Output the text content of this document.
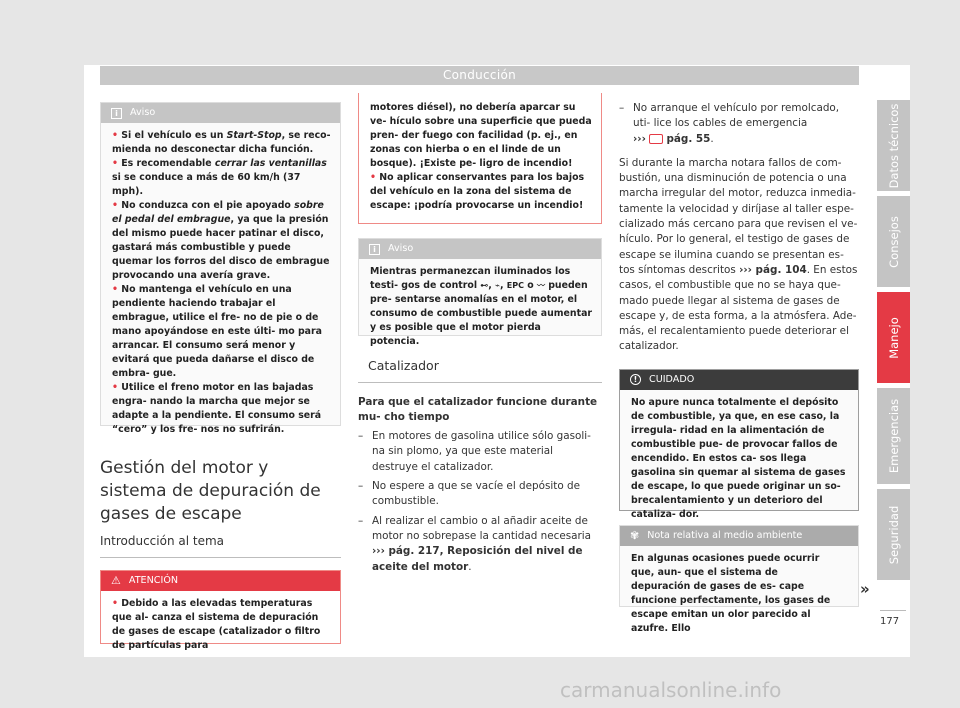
Conducción
i	Aviso
• Si el vehículo es un Start-Stop, se reco- mienda no desconectar dicha función.
• Es recomendable cerrar las ventanillas si se conduce a más de 60 km/h (37 mph).
• No conduzca con el pie apoyado sobre el pedal del embrague, ya que la presión del mismo puede hacer patinar el disco, gastará más combustible y puede quemar los forros del disco de embrague provocando una avería grave.
• No mantenga el vehículo en una pendiente haciendo trabajar el embrague, utilice el fre- no de pie o de mano apoyándose en este últi- mo para arrancar. El consumo será menor y evitará que pueda dañarse el disco de embra- gue.
• Utilice el freno motor en las bajadas engra- nando la marcha que mejor se adapte a la pendiente. El consumo será “cero” y los fre- nos no sufrirán.
Gestión del motor y sistema de depuración de gases de escape
Introducción al tema
⚠ ATENCIÓN
• Debido a las elevadas temperaturas que al- canza el sistema de depuración de gases de escape (catalizador o filtro de partículas para
motores diésel), no debería aparcar su ve- hículo sobre una superficie que pueda pren- der fuego con facilidad (p. ej., en zonas con hierba o en el linde de un bosque). ¡Existe pe- ligro de incendio!
• No aplicar conservantes para los bajos del vehículo en la zona del sistema de escape: ¡podría provocarse un incendio!
i	Aviso
Mientras permanezcan iluminados los testi- gos de control ⊷, ⌁, EPC o 〰 pueden pre- sentarse anomalías en el motor, el consumo de combustible puede aumentar y es posible que el motor pierda potencia.
Catalizador
Para que el catalizador funcione durante mu- cho tiempo
– En motores de gasolina utilice sólo gasoli- na sin plomo, ya que este material destruye el catalizador.
– No espere a que se vacíe el depósito de combustible.
– Al realizar el cambio o al añadir aceite de motor no sobrepase la cantidad necesaria ››› pág. 217, Reposición del nivel de aceite del motor.
– No arranque el vehículo por remolcado, uti- lice los cables de emergencia
››› pág. 55.
Si durante la marcha notara fallos de com- bustión, una disminución de potencia o una marcha irregular del motor, reduzca inmedia- tamente la velocidad y diríjase al taller espe- cializado más cercano para que revisen el ve- hículo. Por lo general, el testigo de gases de escape se ilumina cuando se presentan es- tos síntomas descritos ››› pág. 104. En estos casos, el combustible que no se haya que- mado puede llegar al sistema de gases de escape y, de esta forma, a la atmósfera. Ade- más, el recalentamiento puede deteriorar el catalizador.
!	CUIDADO
No apure nunca totalmente el depósito de combustible, ya que, en ese caso, la irregula- ridad en la alimentación de combustible pue- de provocar fallos de encendido. En estos ca- sos llega gasolina sin quemar al sistema de gases de escape, lo que puede originar un so- brecalentamiento y un deterioro del cataliza- dor.
✾ Nota relativa al medio ambiente
En algunas ocasiones puede ocurrir que, aun- que el sistema de depuración de gases de es- cape funcione perfectamente, los gases de escape emitan un olor parecido al azufre. Ello
»
Datos técnicos
Consejos
Manejo
Emergencias
Seguridad
177
carmanualsonline.info
